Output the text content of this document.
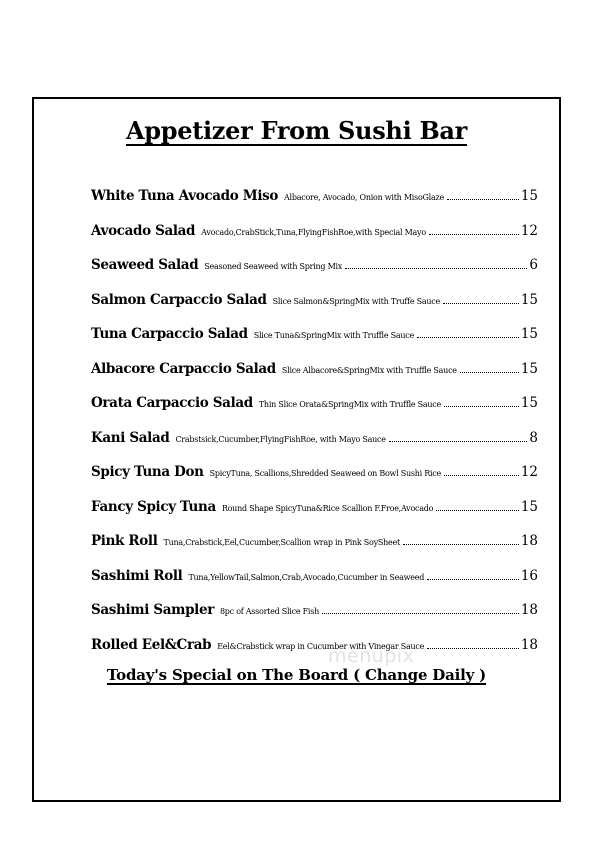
Appetizer From Sushi Bar
White Tuna Avocado Miso Albacore, Avocado, Onion with MisoGlaze	15
Avocado Salad Avocado,CrabStick,Tuna,FlyingFishRoe,with Special Mayo	12
Seaweed Salad Seasoned Seaweed with Spring Mix	6
Salmon Carpaccio Salad Slice Salmon&SpringMix with Truffe Sauce	15
Tuna Carpaccio Salad Slice Tuna&SpringMix with Truffle Sauce	15
Albacore Carpaccio Salad Slice Albacore&SpringMix with Truffle Sauce	15
Orata Carpaccio Salad Thin Slice Orata&SpringMix with Truffle Sauce	15
Kani Salad Crabstsick,Cucumber,FlyingFishRoe, with Mayo Sauce	8
Spicy Tuna Don SpicyTuna, Scallions,Shredded Seaweed on Bowl Sushi Rice	12
Fancy Spicy Tuna Round Shape SpicyTuna&Rice Scallion F.Froe,Avocado	15
Pink Roll Tuna,Crabstick,Eel,Cucumber,Scallion wrap in Pink SoySheet	18
Sashimi Roll Tuna,YellowTail,Salmon,Crab,Avocado,Cucumber in Seaweed	16
Sashimi Sampler 8pc of Assorted Slice Fish	18
Rolled Eel&Crab Eel&Crabstick wrap in Cucumber with Vinegar Sauce	18
Today's Special on The Board ( Change Daily )
menupix
